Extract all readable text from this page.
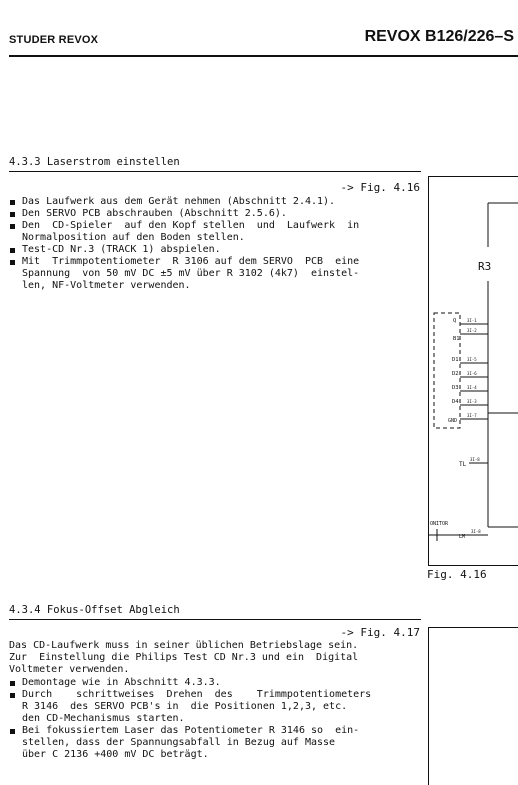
STUDER REVOX	REVOX B126/226–S
4.3.3 Laserstrom einstellen
-> Fig. 4.16
Das Laufwerk aus dem Gerät nehmen (Abschnitt 2.4.1).
Den SERVO PCB abschrauben (Abschnitt 2.5.6).
Den  CD-Spieler  auf den Kopf stellen  und  Laufwerk  in
Normalposition auf den Boden stellen.
Test-CD Nr.3 (TRACK 1) abspielen.
Mit  Trimmpotentiometer  R 3106 auf dem SERVO  PCB  eine
Spannung  von 50 mV DC ±5 mV über R 3102 (4k7)  einstel-
len, NF-Voltmeter verwenden.
R3
Q	3I-1
B1
3I-2
D1 3I-5
D2 3I-6
D3 3I-4
D4 3I-3
GND
3I-7
TL
3I-8
ONITOR
LM
3I-8
Fig. 4.16
4.3.4 Fokus-Offset Abgleich
-> Fig. 4.17

Das CD-Laufwerk muss in seiner üblichen Betriebslage sein.
Zur  Einstellung die Philips Test CD Nr.3 und ein  Digital
Voltmeter verwenden.

Demontage wie in Abschnitt 4.3.3.
Durch    schrittweises  Drehen  des    Trimmpotentiometers
R 3146  des SERVO PCB's in  die Positionen 1,2,3, etc.
den CD-Mechanismus starten.
Bei fokussiertem Laser das Potentiometer R 3146 so  ein-
stellen, dass der Spannungsabfall in Bezug auf Masse
über C 2136 +400 mV DC beträgt.
